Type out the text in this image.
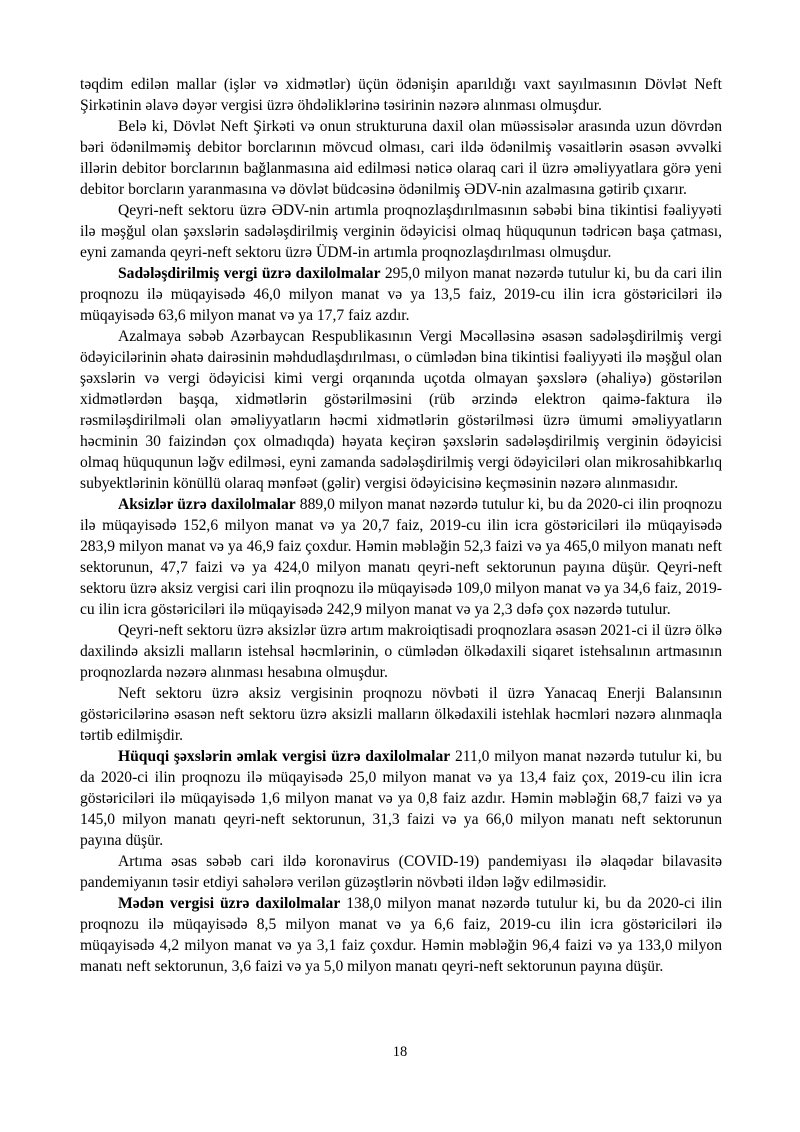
təqdim edilən mallar (işlər və xidmətlər) üçün ödənişin aparıldığı vaxt sayılmasının Dövlət Neft Şirkətinin əlavə dəyər vergisi üzrə öhdəliklərinə təsirinin nəzərə alınması olmuşdur.

Belə ki, Dövlət Neft Şirkəti və onun strukturuna daxil olan müəssisələr arasında uzun dövrdən bəri ödənilməmiş debitor borclarının mövcud olması, cari ildə ödənilmiş vəsaitlərin əsasən əvvəlki illərin debitor borclarının bağlanmasına aid edilməsi nəticə olaraq cari il üzrə əməliyyatlara görə yeni debitor borcların yaranmasına və dövlət büdcəsinə ödənilmiş ƏDV-nin azalmasına gətirib çıxarır.

Qeyri-neft sektoru üzrə ƏDV-nin artımla proqnozlaşdırılmasının səbəbi bina tikintisi fəaliyyəti ilə məşğul olan şəxslərin sadələşdirilmiş verginin ödəyicisi olmaq hüququnun tədricən başa çatması, eyni zamanda qeyri-neft sektoru üzrə ÜDM-in artımla proqnozlaşdırılması olmuşdur.

Sadələşdirilmiş vergi üzrə daxilolmalar 295,0 milyon manat nəzərdə tutulur ki, bu da cari ilin proqnozu ilə müqayisədə 46,0 milyon manat və ya 13,5 faiz, 2019-cu ilin icra göstəriciləri ilə müqayisədə 63,6 milyon manat və ya 17,7 faiz azdır.

Azalmaya səbəb Azərbaycan Respublikasının Vergi Məcəlləsinə əsasən sadələşdirilmiş vergi ödəyicilərinin əhatə dairəsinin məhdudlaşdırılması, o cümlədən bina tikintisi fəaliyyəti ilə məşğul olan şəxslərin və vergi ödəyicisi kimi vergi orqanında uçotda olmayan şəxslərə (əhaliyə) göstərilən xidmətlərdən başqa, xidmətlərin göstərilməsini (rüb ərzində elektron qaimə-faktura ilə rəsmiləşdirilməli olan əməliyyatların həcmi xidmətlərin göstərilməsi üzrə ümumi əməliyyatların həcminin 30 faizindən çox olmadıqda) həyata keçirən şəxslərin sadələşdirilmiş verginin ödəyicisi olmaq hüququnun ləğv edilməsi, eyni zamanda sadələşdirilmiş vergi ödəyiciləri olan mikrosahibkarlıq subyektlərinin könüllü olaraq mənfəət (gəlir) vergisi ödəyicisinə keçməsinin nəzərə alınmasıdır.

Aksizlər üzrə daxilolmalar 889,0 milyon manat nəzərdə tutulur ki, bu da 2020-ci ilin proqnozu ilə müqayisədə 152,6 milyon manat və ya 20,7 faiz, 2019-cu ilin icra göstəriciləri ilə müqayisədə 283,9 milyon manat və ya 46,9 faiz çoxdur. Həmin məbləğin 52,3 faizi və ya 465,0 milyon manatı neft sektorunun, 47,7 faizi və ya 424,0 milyon manatı qeyri-neft sektorunun payına düşür. Qeyri-neft sektoru üzrə aksiz vergisi cari ilin proqnozu ilə müqayisədə 109,0 milyon manat və ya 34,6 faiz, 2019-cu ilin icra göstəriciləri ilə müqayisədə 242,9 milyon manat və ya 2,3 dəfə çox nəzərdə tutulur.

Qeyri-neft sektoru üzrə aksizlər üzrə artım makroiqtisadi proqnozlara əsasən 2021-ci il üzrə ölkə daxilində aksizli malların istehsal həcmlərinin, o cümlədən ölkədaxili siqaret istehsalının artmasının proqnozlarda nəzərə alınması hesabına olmuşdur.

Neft sektoru üzrə aksiz vergisinin proqnozu növbəti il üzrə Yanacaq Enerji Balansının göstəricilərinə əsasən neft sektoru üzrə aksizli malların ölkədaxili istehlak həcmləri nəzərə alınmaqla tərtib edilmişdir.

Hüquqi şəxslərin əmlak vergisi üzrə daxilolmalar 211,0 milyon manat nəzərdə tutulur ki, bu da 2020-ci ilin proqnozu ilə müqayisədə 25,0 milyon manat və ya 13,4 faiz çox, 2019-cu ilin icra göstəriciləri ilə müqayisədə 1,6 milyon manat və ya 0,8 faiz azdır. Həmin məbləğin 68,7 faizi və ya 145,0 milyon manatı qeyri-neft sektorunun, 31,3 faizi və ya 66,0 milyon manatı neft sektorunun payına düşür.

Artıma əsas səbəb cari ildə koronavirus (COVID-19) pandemiyası ilə əlaqədar bilavasitə pandemiyanın təsir etdiyi sahələrə verilən güzəştlərin növbəti ildən ləğv edilməsidir.

Mədən vergisi üzrə daxilolmalar 138,0 milyon manat nəzərdə tutulur ki, bu da 2020-ci ilin proqnozu ilə müqayisədə 8,5 milyon manat və ya 6,6 faiz, 2019-cu ilin icra göstəriciləri ilə müqayisədə 4,2 milyon manat və ya 3,1 faiz çoxdur. Həmin məbləğin 96,4 faizi və ya 133,0 milyon manatı neft sektorunun, 3,6 faizi və ya 5,0 milyon manatı qeyri-neft sektorunun payına düşür.

18
